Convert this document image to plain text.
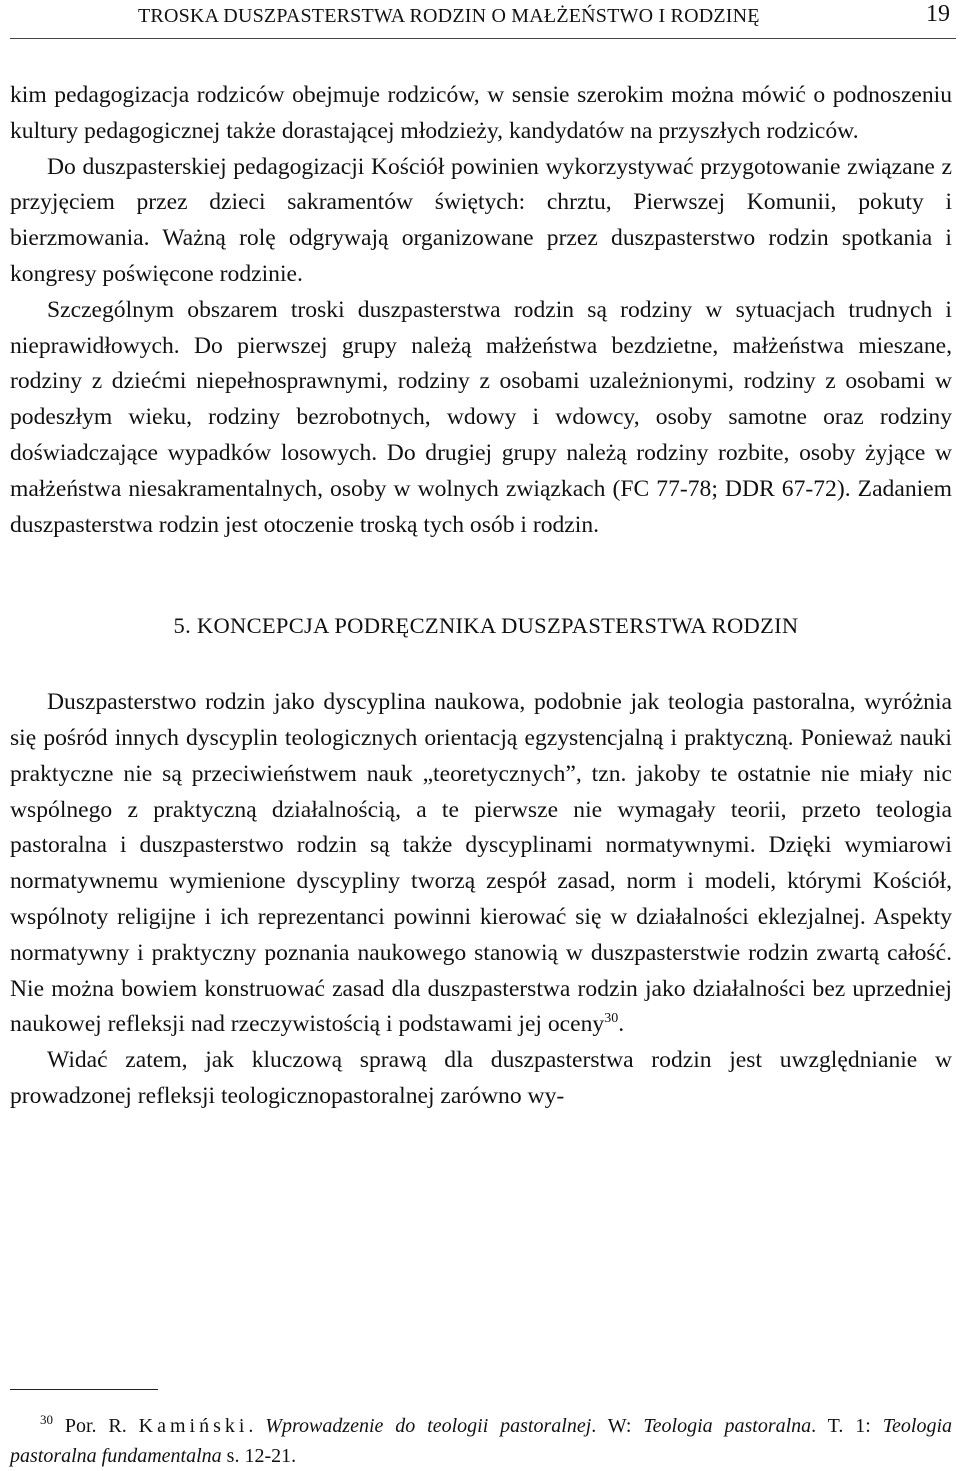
TROSKA DUSZPASTERSTWA RODZIN O MAŁŻEŃSTWO I RODZINĘ	19

kim pedagogizacja rodziców obejmuje rodziców, w sensie szerokim można mówić o podnoszeniu kultury pedagogicznej także dorastającej młodzieży, kandydatów na przyszłych rodziców.

Do duszpasterskiej pedagogizacji Kościół powinien wykorzystywać przygotowanie związane z przyjęciem przez dzieci sakramentów świętych: chrztu, Pierwszej Komunii, pokuty i bierzmowania. Ważną rolę odgrywają organizowane przez duszpasterstwo rodzin spotkania i kongresy poświęcone rodzinie.

Szczególnym obszarem troski duszpasterstwa rodzin są rodziny w sytuacjach trudnych i nieprawidłowych. Do pierwszej grupy należą małżeństwa bezdzietne, małżeństwa mieszane, rodziny z dziećmi niepełnosprawnymi, rodziny z osobami uzależnionymi, rodziny z osobami w podeszłym wieku, rodziny bezrobotnych, wdowy i wdowcy, osoby samotne oraz rodziny doświadczające wypadków losowych. Do drugiej grupy należą rodziny rozbite, osoby żyjące w małżeństwa niesakramentalnych, osoby w wolnych związkach (FC 77-78; DDR 67-72). Zadaniem duszpasterstwa rodzin jest otoczenie troską tych osób i rodzin.

5. KONCEPCJA PODRĘCZNIKA DUSZPASTERSTWA RODZIN

Duszpasterstwo rodzin jako dyscyplina naukowa, podobnie jak teologia pastoralna, wyróżnia się pośród innych dyscyplin teologicznych orientacją egzystencjalną i praktyczną. Ponieważ nauki praktyczne nie są przeciwieństwem nauk „teoretycznych”, tzn. jakoby te ostatnie nie miały nic wspólnego z praktyczną działalnością, a te pierwsze nie wymagały teorii, przeto teologia pastoralna i duszpasterstwo rodzin są także dyscyplinami normatywnymi. Dzięki wymiarowi normatywnemu wymienione dyscypliny tworzą zespół zasad, norm i modeli, którymi Kościół, wspólnoty religijne i ich reprezentanci powinni kierować się w działalności eklezjalnej. Aspekty normatywny i praktyczny poznania naukowego stanowią w duszpasterstwie rodzin zwartą całość. Nie można bowiem konstruować zasad dla duszpasterstwa rodzin jako działalności bez uprzedniej naukowej refleksji nad rzeczywistością i podstawami jej oceny$^{30}$.

Widać zatem, jak kluczową sprawą dla duszpasterstwa rodzin jest uwzględnianie w prowadzonej refleksji teologicznopastoralnej zarówno wy-

$^{30}$ Por. R. Kamiński. Wprowadzenie do teologii pastoralnej. W: Teologia pastoralna. T. 1: Teologia pastoralna fundamentalna s. 12-21.
